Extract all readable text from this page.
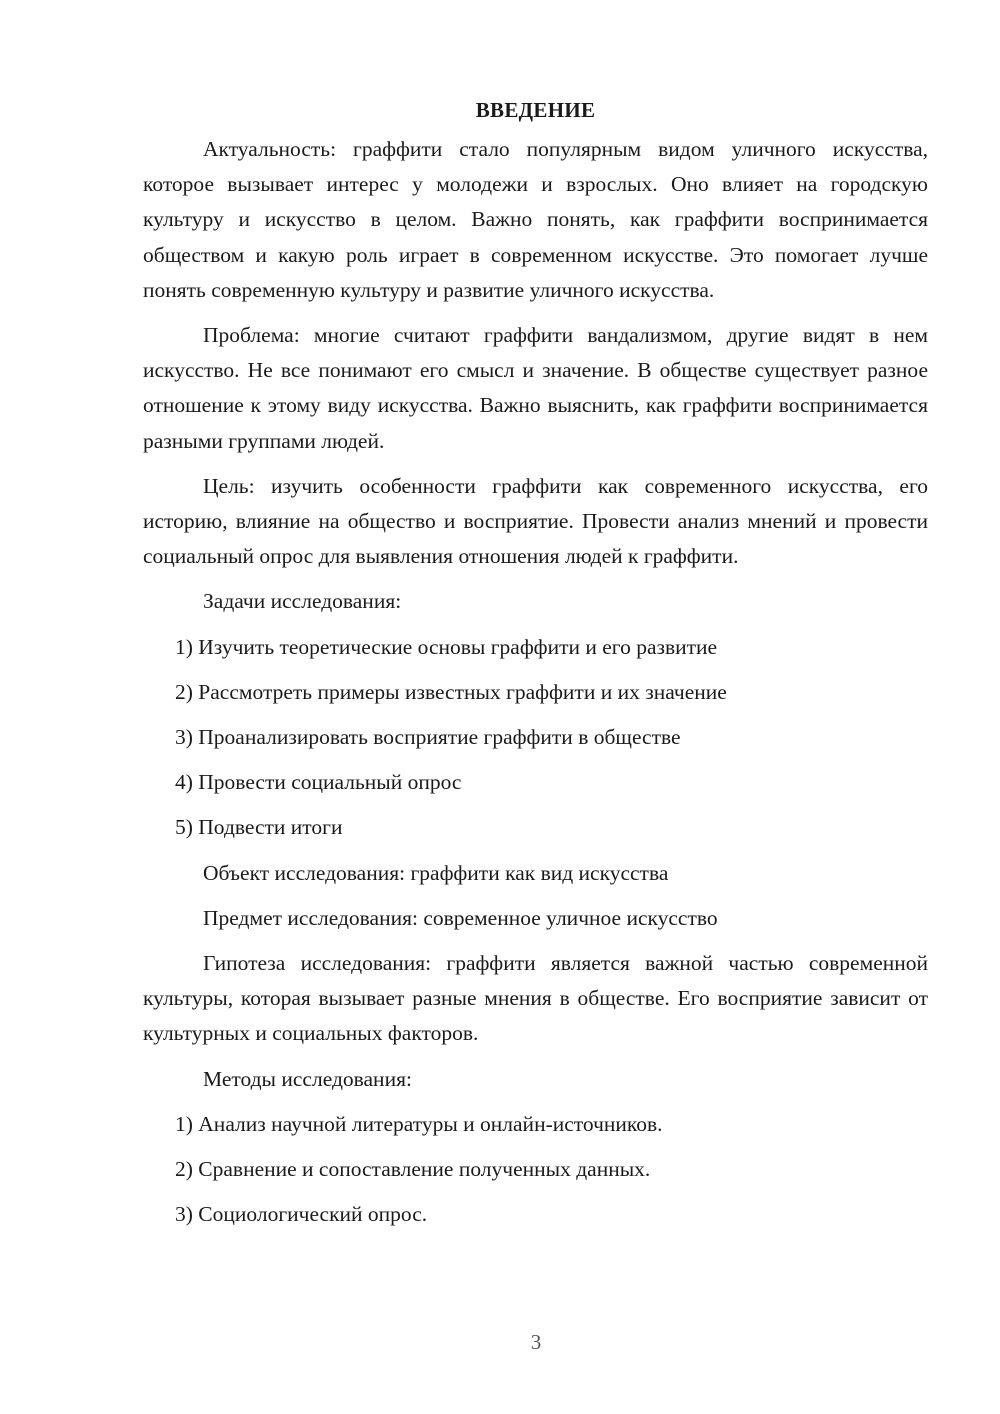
ВВЕДЕНИЕ

Актуальность: граффити стало популярным видом уличного искусства, которое вызывает интерес у молодежи и взрослых. Оно влияет на городскую культуру и искусство в целом. Важно понять, как граффити воспринимается обществом и какую роль играет в современном искусстве. Это помогает лучше понять современную культуру и развитие уличного искусства.

Проблема: многие считают граффити вандализмом, другие видят в нем искусство. Не все понимают его смысл и значение. В обществе существует разное отношение к этому виду искусства. Важно выяснить, как граффити воспринимается разными группами людей.

Цель: изучить особенности граффити как современного искусства, его историю, влияние на общество и восприятие. Провести анализ мнений и провести социальный опрос для выявления отношения людей к граффити.

Задачи исследования:

1) Изучить теоретические основы граффити и его развитие
2) Рассмотреть примеры известных граффити и их значение
3) Проанализировать восприятие граффити в обществе
4) Провести социальный опрос
5) Подвести итоги

Объект исследования: граффити как вид искусства

Предмет исследования: современное уличное искусство

Гипотеза исследования: граффити является важной частью современной культуры, которая вызывает разные мнения в обществе. Его восприятие зависит от культурных и социальных факторов.

Методы исследования:

1) Анализ научной литературы и онлайн-источников.
2) Сравнение и сопоставление полученных данных.
3) Социологический опрос.
3
